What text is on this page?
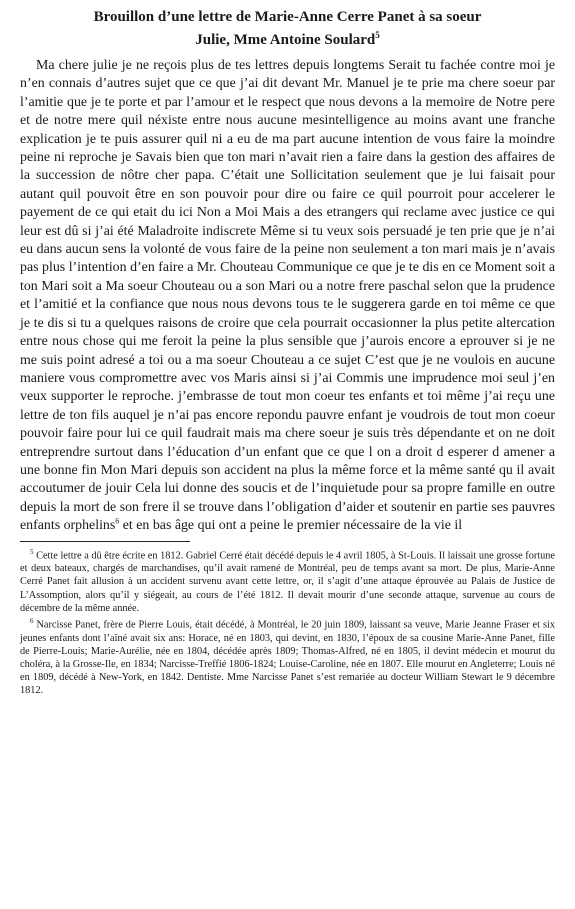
Brouillon d’une lettre de Marie-Anne Cerre Panet à sa soeur
Julie, Mme Antoine Soulard$^5$

Ma chere julie je ne reçois plus de tes lettres depuis longtems Serait tu fachée contre moi je n’en connais d’autres sujet que ce que j’ai dit devant Mr. Manuel je te prie ma chere soeur par l’amitie que je te porte et par l’amour et le respect que nous devons a la memoire de Notre pere et de notre mere quil néxiste entre nous aucune mesintelligence au moins avant une franche explication je te puis assurer quil ni a eu de ma part aucune intention de vous faire la moindre peine ni reproche je Savais bien que ton mari n’avait rien a faire dans la gestion des affaires de la succession de nôtre cher papa. C’était une Sollicitation seulement que je lui faisait pour autant quil pouvoit être en son pouvoir pour dire ou faire ce quil pourroit pour accelerer le payement de ce qui etait du ici Non a Moi Mais a des etrangers qui reclame avec justice ce qui leur est dû si j’ai été Maladroite indiscrete Même si tu veux sois persuadé je ten prie que je n’ai eu dans aucun sens la volonté de vous faire de la peine non seulement a ton mari mais je n’avais pas plus l’intention d’en faire a Mr. Chouteau Communique ce que je te dis en ce Moment soit a ton Mari soit a Ma soeur Chouteau ou a son Mari ou a notre frere paschal selon que la prudence et l’amitié et la confiance que nous nous devons tous te le suggerera garde en toi même ce que je te dis si tu a quelques raisons de croire que cela pourrait occasionner la plus petite altercation entre nous chose qui me feroit la peine la plus sensible que j’aurois encore a eprouver si je ne me suis point adresé a toi ou a ma soeur Chouteau a ce sujet C’est que je ne voulois en aucune maniere vous compromettre avec vos Maris ainsi si j’ai Commis une imprudence moi seul j’en veux supporter le reproche. j’embrasse de tout mon coeur tes enfants et toi même j’ai reçu une lettre de ton fils auquel je n’ai pas encore repondu pauvre enfant je voudrois de tout mon coeur pouvoir faire pour lui ce quil faudrait mais ma chere soeur je suis très dépendante et on ne doit entreprendre surtout dans l’éducation d’un enfant que ce que l on a droit d esperer d amener a une bonne fin Mon Mari depuis son accident na plus la même force et la même santé qu il avait accoutumer de jouir Cela lui donne des soucis et de l’inquietude pour sa propre famille en outre depuis la mort de son frere il se trouve dans l’obligation d’aider et soutenir en partie ses pauvres enfants orphelins$^6$ et en bas âge qui ont a peine le premier nécessaire de la vie il

$^5$ Cette lettre a dû être écrite en 1812. Gabriel Cerré était décédé depuis le 4 avril 1805, à St-Louis. Il laissait une grosse fortune et deux bateaux, chargés de marchandises, qu’il avait ramené de Montréal, peu de temps avant sa mort. De plus, Marie-Anne Cerré Panet fait allusion à un accident survenu avant cette lettre, or, il s’agit d’une attaque éprouvée au Palais de Justice de L’Assomption, alors qu’il y siégeait, au cours de l’été 1812. Il devait mourir d’une seconde attaque, survenue au cours de décembre de la même année.

$^6$ Narcisse Panet, frère de Pierre Louis, était décédé, à Montréal, le 20 juin 1809, laissant sa veuve, Marie Jeanne Fraser et six jeunes enfants dont l’aîné avait six ans: Horace, né en 1803, qui devint, en 1830, l’époux de sa cousine Marie-Anne Panet, fille de Pierre-Louis; Marie-Aurélie, née en 1804, décédée après 1809; Thomas-Alfred, né en 1805, il devint médecin et mourut du choléra, à la Grosse-Ile, en 1834; Narcisse-Treffié 1806-1824; Louise-Caroline, née en 1807. Elle mourut en Angleterre; Louis né en 1809, décédé à New-York, en 1842. Dentiste. Mme Narcisse Panet s’est remariée au docteur William Stewart le 9 décembre 1812.
